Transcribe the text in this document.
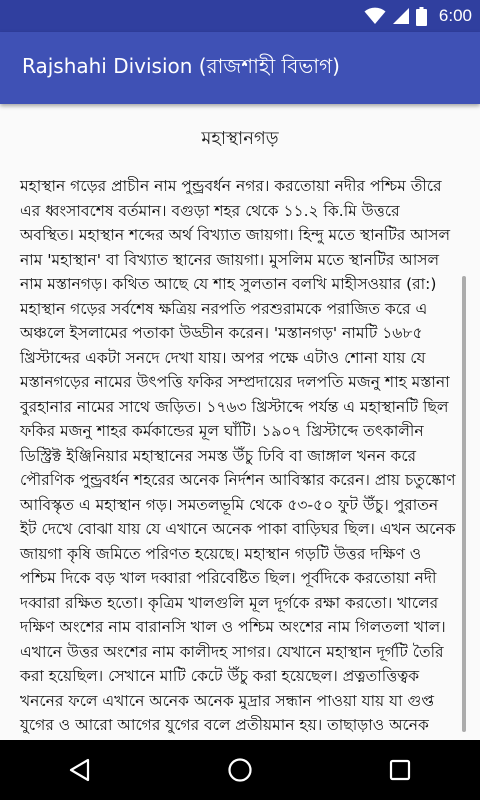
6:00
Rajshahi Division (রাজশাহী বিভাগ)
মহাস্থানগড়

মহাস্থান গড়ের প্রাচীন নাম পুন্ড্রবর্ধন নগর। করতোয়া নদীর পশ্চিম তীরে এর ধ্বংসাবশেষ বর্তমান। বগুড়া শহর থেকে ১১.২ কি.মি উত্তরে অবস্থিত। মহাস্থান শব্দের অর্থ বিখ্যাত জায়গা। হিন্দু মতে স্থানটির আসল নাম 'মহাস্থান' বা বিখ্যাত স্থানের জায়গা। মুসলিম মতে স্থানটির আসল নাম মস্তানগড়। কথিত আছে যে শাহ সুলতান বলখি মাহীসওয়ার (রা:) মহাস্থান গড়ের সর্বশেষ ক্ষত্রিয় নরপতি পরশুরামকে পরাজিত করে এ অঞ্চলে ইসলামের পতাকা উড্ডীন করেন। 'মস্তানগড়' নামটি ১৬৮৫ খ্রিস্টাব্দের একটা সনদে দেখা যায়। অপর পক্ষে এটাও শোনা যায় যে মস্তানগড়ের নামের উৎপত্তি ফকির সম্প্রদায়ের দলপতি মজনু শাহ মস্তানা বুরহানার নামের সাথে জড়িত। ১৭৬৩ খ্রিস্টাব্দে পর্যন্ত এ মহাস্থানটি ছিল ফকির মজনু শাহর কর্মকান্ডের মূল ঘাঁটি। ১৯০৭ খ্রিস্টাব্দে তৎকালীন ডিস্ট্রিক্ট ইঞ্জিনিয়ার মহাস্থানের সমস্ত উঁচু ঢিবি বা জাঙ্গাল খনন করে পৌরণিক পুন্ড্রবর্ধন শহরের অনেক নির্দশন আবিস্কার করেন। প্রায় চতুষ্কোণ আবিস্কৃত এ মহাস্থান গড়। সমতলভূমি থেকে ৫৩-৫০ ফুট উঁচু। পুরাতন ইট দেখে বোঝা যায় যে এখানে অনেক পাকা বাড়িঘর ছিল। এখন অনেক জায়গা কৃষি জমিতে পরিণত হয়েছে। মহাস্থান গড়টি উত্তর দক্ষিণ ও পশ্চিম দিকে বড় খাল দব্বারা পরিবেষ্টিত ছিল। পূর্বদিকে করতোয়া নদী দব্বারা রক্ষিত হতো। কৃত্রিম খালগুলি মূল দূর্গকে রক্ষা করতো। খালের দক্ষিণ অংশের নাম বারানসি খাল ও পশ্চিম অংশের নাম গিলতলা খাল। এখানে উত্তর অংশের নাম কালীদহ সাগর। যেখানে মহাস্থান দূর্গটি তৈরি করা হয়েছিল। সেখানে মাটি কেটে উঁচু করা হয়েছেল। প্রত্নতাত্তিত্বক খননের ফলে এখানে অনেক অনেক মুদ্রার সন্ধান পাওয়া যায় যা গুপ্ত যুগের ও আরো আগের যুগের বলে প্রতীয়মান হয়। তাছাড়াও অনেক
